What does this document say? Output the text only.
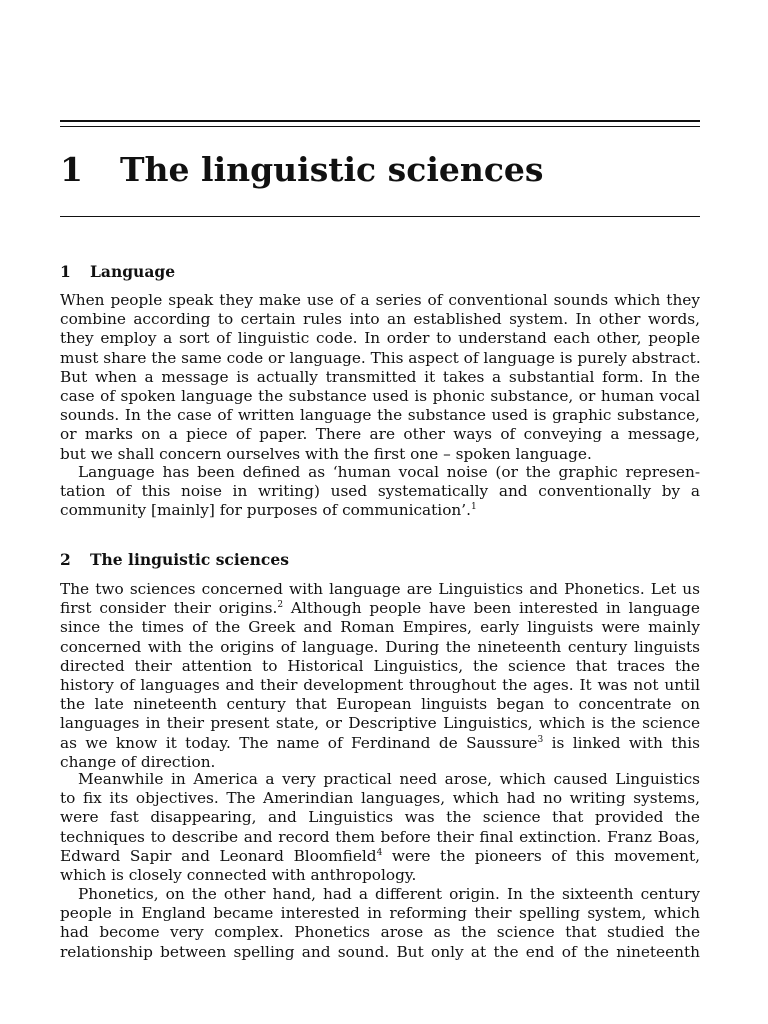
1 The linguistic sciences
1 Language
When people speak they make use of a series of conventional sounds which they
combine according to certain rules into an established system. In other words,
they employ a sort of linguistic code. In order to understand each other, people
must share the same code or language. This aspect of language is purely abstract.
But when a message is actually transmitted it takes a substantial form. In the
case of spoken language the substance used is phonic substance, or human vocal
sounds. In the case of written language the substance used is graphic substance,
or marks on a piece of paper. There are other ways of conveying a message,
but we shall concern ourselves with the first one – spoken language.
Language has been defined as ‘human vocal noise (or the graphic represen-
tation of this noise in writing) used systematically and conventionally by a
community [mainly] for purposes of communication’.$^1$
2 The linguistic sciences
The two sciences concerned with language are Linguistics and Phonetics. Let us
first consider their origins.$^2$ Although people have been interested in language
since the times of the Greek and Roman Empires, early linguists were mainly
concerned with the origins of language. During the nineteenth century linguists
directed their attention to Historical Linguistics, the science that traces the
history of languages and their development throughout the ages. It was not until
the late nineteenth century that European linguists began to concentrate on
languages in their present state, or Descriptive Linguistics, which is the science
as we know it today. The name of Ferdinand de Saussure$^3$ is linked with this
change of direction.
Meanwhile in America a very practical need arose, which caused Linguistics
to fix its objectives. The Amerindian languages, which had no writing systems,
were fast disappearing, and Linguistics was the science that provided the
techniques to describe and record them before their final extinction. Franz Boas,
Edward Sapir and Leonard Bloomfield$^4$ were the pioneers of this movement,
which is closely connected with anthropology.
Phonetics, on the other hand, had a different origin. In the sixteenth century
people in England became interested in reforming their spelling system, which
had become very complex. Phonetics arose as the science that studied the
relationship between spelling and sound. But only at the end of the nineteenth
